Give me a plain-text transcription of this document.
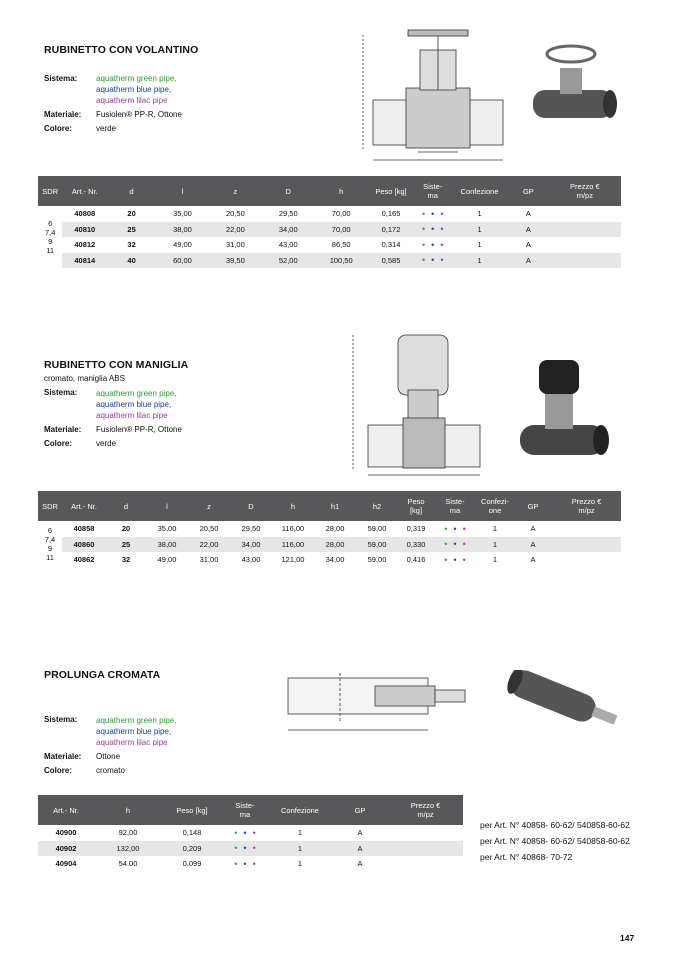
RUBINETTO CON VOLANTINO
Sistema: aquatherm green pipe,
aquatherm blue pipe,
aquatherm lilac pipe
Materiale: Fusiolen® PP-R, Ottone
Colore:	verde
SDR	Art.- Nr.	d	l	z	D	h	Peso [kg]	Siste-
ma	Confezione	GP	Prezzo €
m/pz

6
7,4
9
11	40808	20	35,00	20,50	29,50	70,00	0,165	• • •	1	A	
	40810	25	38,00	22,00	34,00	70,00	0,172	• • •	1	A	
	40812	32	49,00	31,00	43,00	86,50	0,314	• • •	1	A	
	40814	40	60,00	39,50	52,00	100,50	0,585	• • •	1	A	
RUBINETTO CON MANIGLIA
cromato, maniglia ABS
Sistema: aquatherm green pipe,
aquatherm blue pipe,
aquatherm lilac pipe
Materiale: Fusiolen® PP-R, Ottone
Colore:	verde
SDR	Art.- Nr.	d	l	z	D	h	h1	h2	Peso
[kg]	Siste-
ma	Confezi-
one	GP	Prezzo €
m/pz

6
7,4
9
11	40858	20	35,00	20,50	29,50	116,00	28,00	59,00	0,319	• • •	1	A	
	40860	25	38,00	22,00	34,00	116,00	28,00	59,00	0,330	• • •	1	A	
	40862	32	49,00	31,00	43,00	121,00	34,00	59,00	0,416	• • •	1	A	
PROLUNGA CROMATA
Sistema: aquatherm green pipe,
aquatherm blue pipe,
aquatherm lilac pipe
Materiale: Ottone
Colore:	cromato
Art.- Nr.	h	Peso [kg]	Siste-
ma	Confezione	GP	Prezzo €
m/pz
40900	92,00	0,148	• • •	1	A	
40902	132,00	0,209	• • •	1	A	
40904	54.00	0.099	• • •	1	A	
per Art. N° 40858- 60-62/ 540858-60-62
per Art. N° 40858- 60-62/ 540858-60-62
per Art. N° 40868- 70-72
147
